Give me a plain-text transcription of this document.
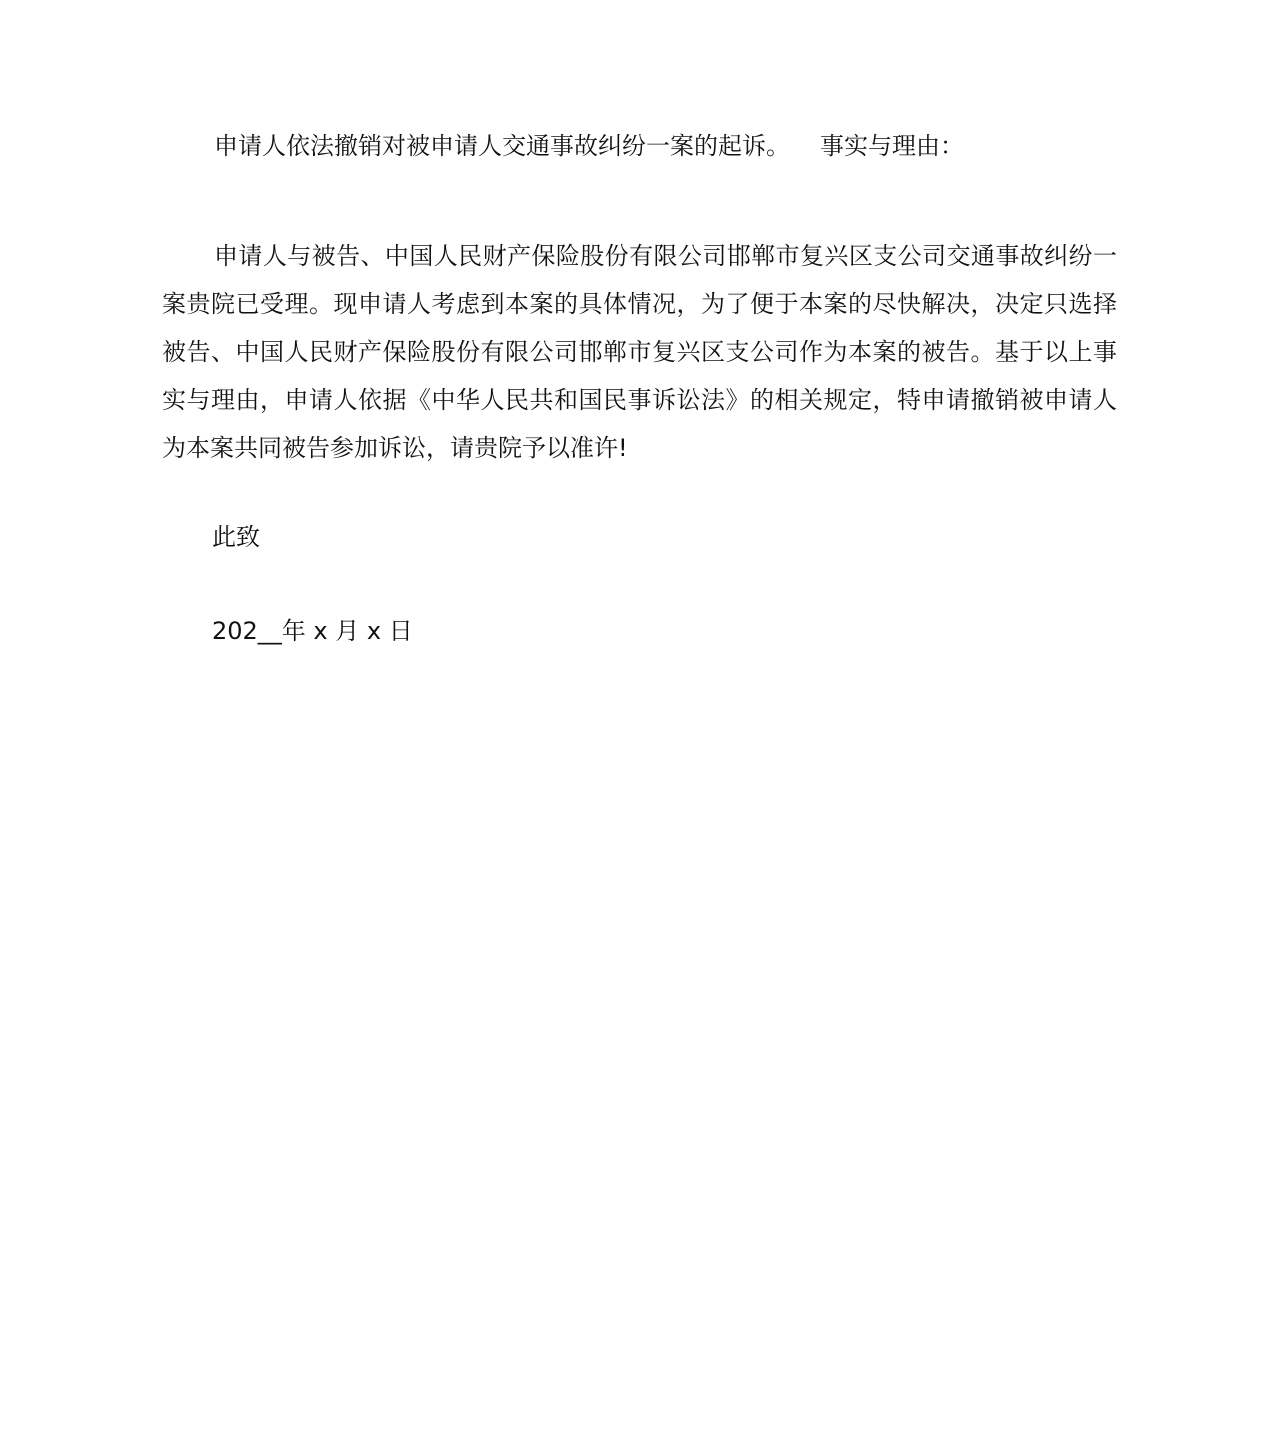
申请人依法撤销对被申请人交通事故纠纷一案的起诉。 事实与理由：

申请人与被告、中国人民财产保险股份有限公司邯郸市复兴区支公司交通事故纠纷一案贵院已受理。现申请人考虑到本案的具体情况，为了便于本案的尽快解决，决定只选择被告、中国人民财产保险股份有限公司邯郸市复兴区支公司作为本案的被告。基于以上事实与理由，申请人依据《中华人民共和国民事诉讼法》的相关规定，特申请撤销被申请人为本案共同被告参加诉讼，请贵院予以准许!

此致
202__年 x 月 x 日
